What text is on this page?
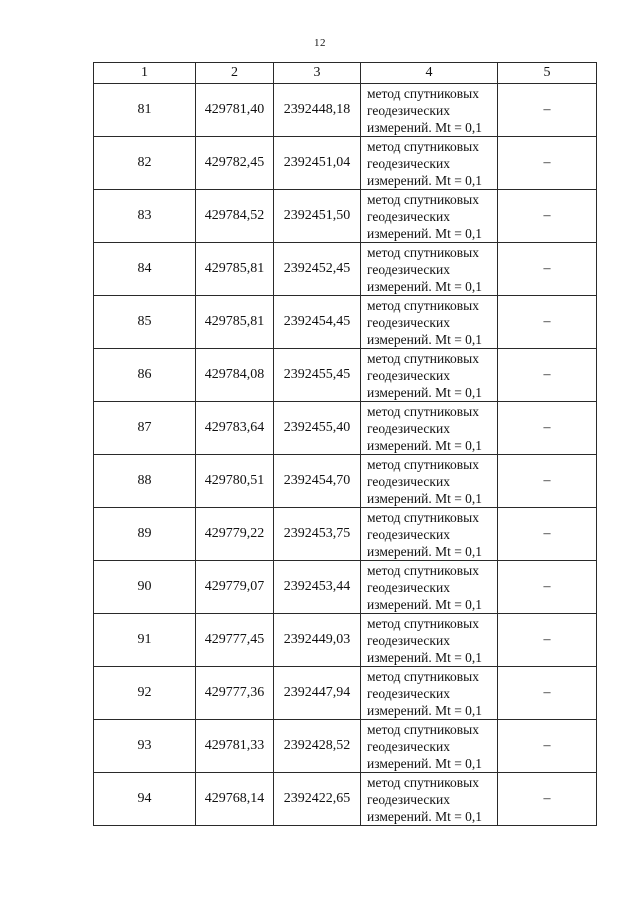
12
1	2	3	4	5
81	429781,40	2392448,18	метод спутниковых
геодезических
измерений. Mt = 0,1	–
82	429782,45	2392451,04	метод спутниковых
геодезических
измерений. Mt = 0,1	–
83	429784,52	2392451,50	метод спутниковых
геодезических
измерений. Mt = 0,1	–
84	429785,81	2392452,45	метод спутниковых
геодезических
измерений. Mt = 0,1	–
85	429785,81	2392454,45	метод спутниковых
геодезических
измерений. Mt = 0,1	–
86	429784,08	2392455,45	метод спутниковых
геодезических
измерений. Mt = 0,1	–
87	429783,64	2392455,40	метод спутниковых
геодезических
измерений. Mt = 0,1	–
88	429780,51	2392454,70	метод спутниковых
геодезических
измерений. Mt = 0,1	–
89	429779,22	2392453,75	метод спутниковых
геодезических
измерений. Mt = 0,1	–
90	429779,07	2392453,44	метод спутниковых
геодезических
измерений. Mt = 0,1	–
91	429777,45	2392449,03	метод спутниковых
геодезических
измерений. Mt = 0,1	–
92	429777,36	2392447,94	метод спутниковых
геодезических
измерений. Mt = 0,1	–
93	429781,33	2392428,52	метод спутниковых
геодезических
измерений. Mt = 0,1	–
94	429768,14	2392422,65	метод спутниковых
геодезических
измерений. Mt = 0,1	–
